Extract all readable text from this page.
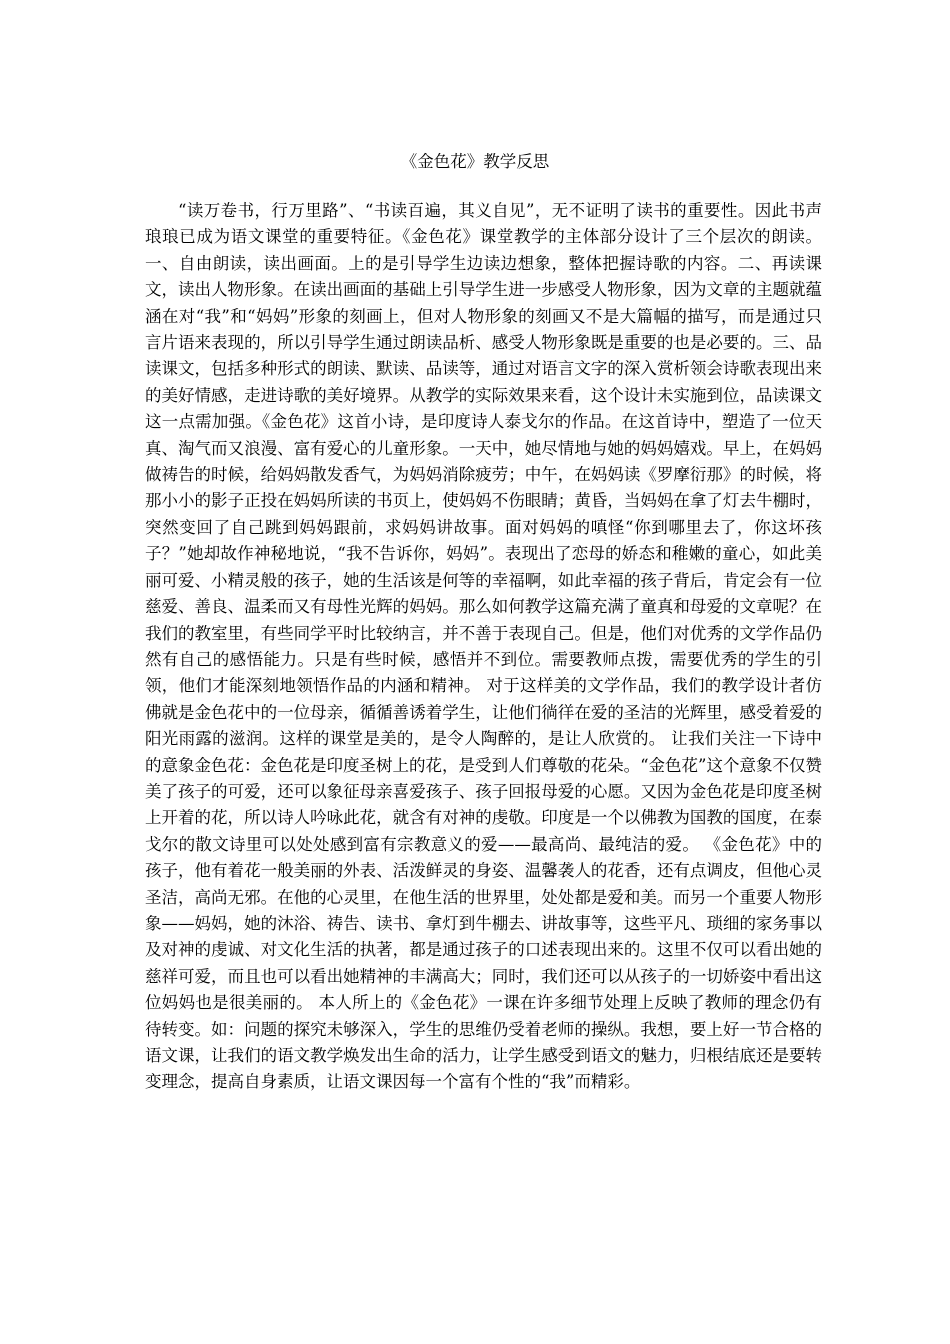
《金色花》教学反思

“读万卷书，行万里路”、“书读百遍，其义自见”，无不证明了读书的重要性。因此书声琅琅已成为语文课堂的重要特征。《金色花》课堂教学的主体部分设计了三个层次的朗读。一、自由朗读，读出画面。上的是引导学生边读边想象，整体把握诗歌的内容。二、再读课文，读出人物形象。在读出画面的基础上引导学生进一步感受人物形象，因为文章的主题就蕴涵在对“我”和“妈妈”形象的刻画上，但对人物形象的刻画又不是大篇幅的描写，而是通过只言片语来表现的，所以引导学生通过朗读品析、感受人物形象既是重要的也是必要的。三、品读课文，包括多种形式的朗读、默读、品读等，通过对语言文字的深入赏析领会诗歌表现出来的美好情感，走进诗歌的美好境界。从教学的实际效果来看，这个设计未实施到位，品读课文这一点需加强。《金色花》这首小诗，是印度诗人泰戈尔的作品。在这首诗中，塑造了一位天真、淘气而又浪漫、富有爱心的儿童形象。一天中，她尽情地与她的妈妈嬉戏。早上，在妈妈做祷告的时候，给妈妈散发香气，为妈妈消除疲劳；中午，在妈妈读《罗摩衍那》的时候，将那小小的影子正投在妈妈所读的书页上，使妈妈不伤眼睛；黄昏，当妈妈在拿了灯去牛棚时，突然变回了自己跳到妈妈跟前，求妈妈讲故事。面对妈妈的嗔怪“你到哪里去了，你这坏孩子？”她却故作神秘地说，“我不告诉你，妈妈”。表现出了恋母的娇态和稚嫩的童心，如此美丽可爱、小精灵般的孩子，她的生活该是何等的幸福啊，如此幸福的孩子背后，肯定会有一位慈爱、善良、温柔而又有母性光辉的妈妈。那么如何教学这篇充满了童真和母爱的文章呢？在我们的教室里，有些同学平时比较纳言，并不善于表现自己。但是，他们对优秀的文学作品仍然有自己的感悟能力。只是有些时候，感悟并不到位。需要教师点拨，需要优秀的学生的引领，他们才能深刻地领悟作品的内涵和精神。 对于这样美的文学作品，我们的教学设计者仿佛就是金色花中的一位母亲，循循善诱着学生，让他们徜徉在爱的圣洁的光辉里，感受着爱的阳光雨露的滋润。这样的课堂是美的，是令人陶醉的，是让人欣赏的。 让我们关注一下诗中的意象金色花：金色花是印度圣树上的花，是受到人们尊敬的花朵。“金色花”这个意象不仅赞美了孩子的可爱，还可以象征母亲喜爱孩子、孩子回报母爱的心愿。又因为金色花是印度圣树上开着的花，所以诗人吟咏此花，就含有对神的虔敬。印度是一个以佛教为国教的国度，在泰戈尔的散文诗里可以处处感到富有宗教意义的爱——最高尚、最纯洁的爱。 《金色花》中的孩子，他有着花一般美丽的外表、活泼鲜灵的身姿、温馨袭人的花香，还有点调皮，但他心灵圣洁，高尚无邪。在他的心灵里，在他生活的世界里，处处都是爱和美。而另一个重要人物形象——妈妈，她的沐浴、祷告、读书、拿灯到牛棚去、讲故事等，这些平凡、琐细的家务事以及对神的虔诚、对文化生活的执著，都是通过孩子的口述表现出来的。这里不仅可以看出她的慈祥可爱，而且也可以看出她精神的丰满高大；同时，我们还可以从孩子的一切娇姿中看出这位妈妈也是很美丽的。 本人所上的《金色花》一课在许多细节处理上反映了教师的理念仍有待转变。如：问题的探究未够深入，学生的思维仍受着老师的操纵。我想，要上好一节合格的语文课，让我们的语文教学焕发出生命的活力，让学生感受到语文的魅力，归根结底还是要转变理念，提高自身素质，让语文课因每一个富有个性的“我”而精彩。
